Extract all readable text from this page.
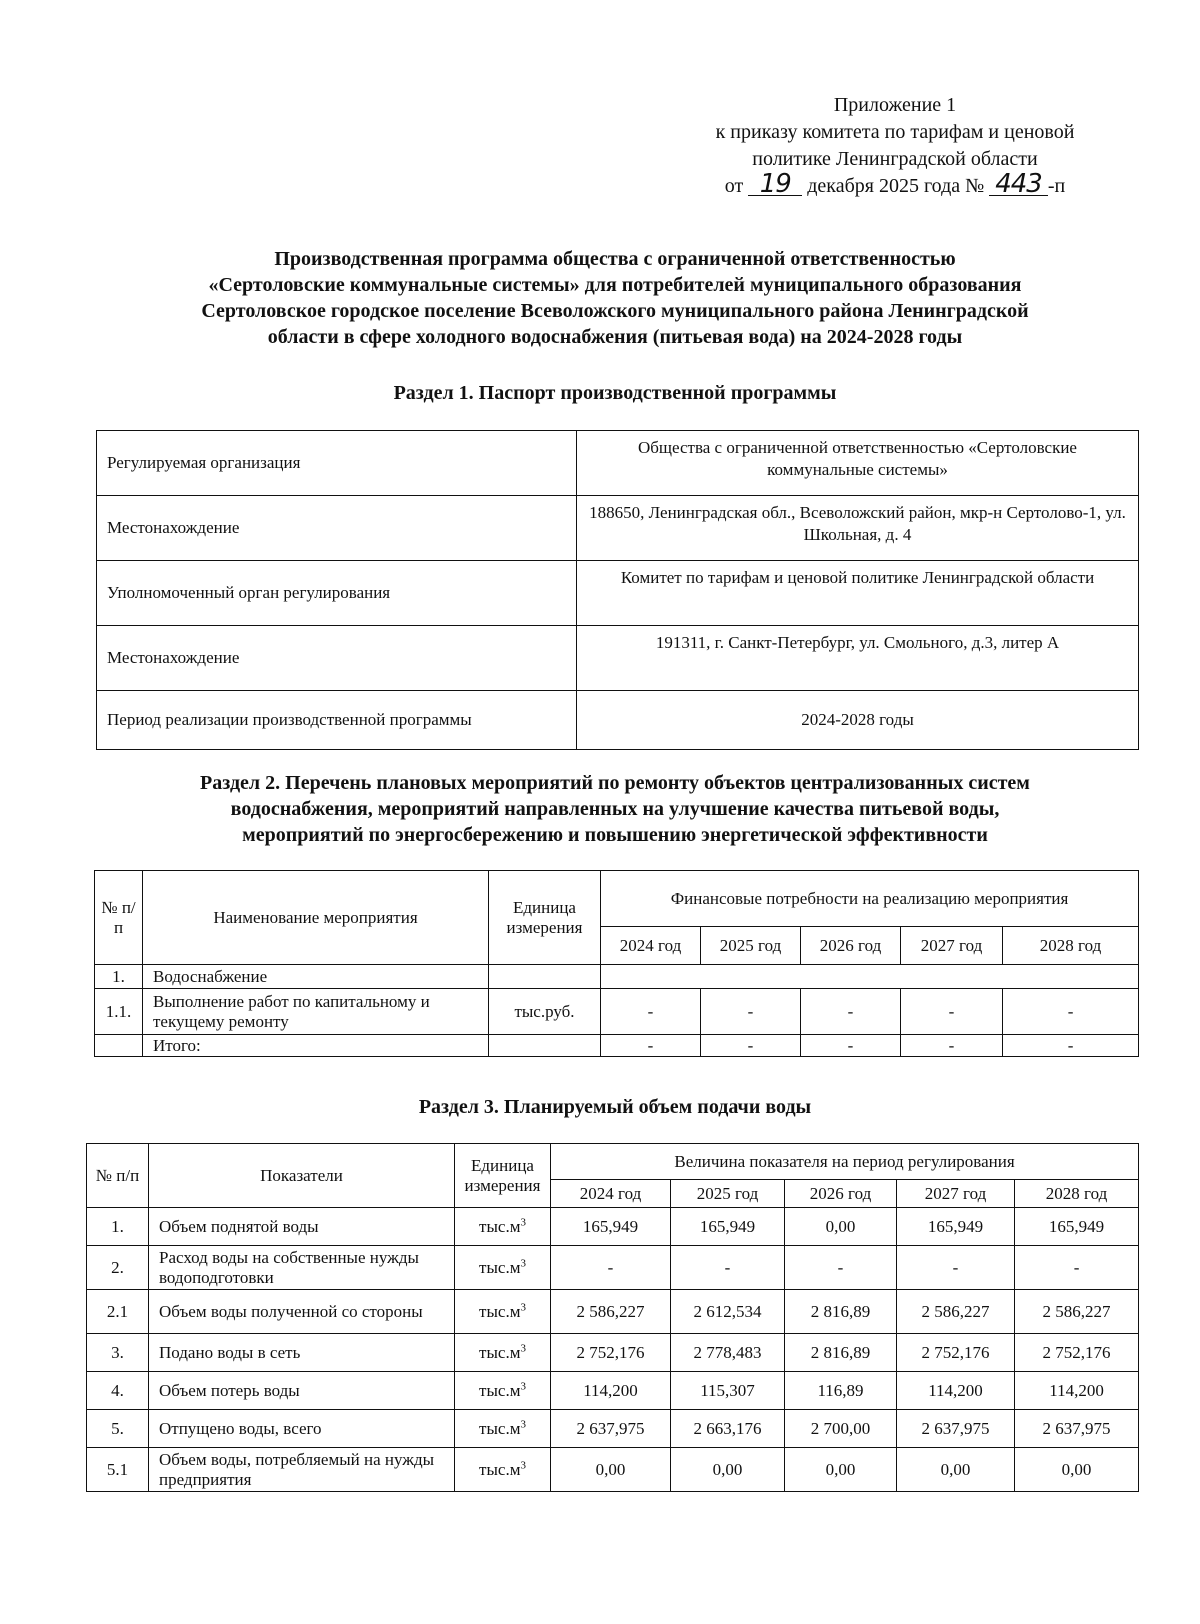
Приложение 1
к приказу комитета по тарифам и ценовой
политике Ленинградской области
от 19 декабря 2025 года № 443 -п
Производственная программа общества с ограниченной ответственностью
«Сертоловские коммунальные системы» для потребителей муниципального образования
Сертоловское городское поселение Всеволожского муниципального района Ленинградской
области в сфере холодного водоснабжения (питьевая вода) на 2024-2028 годы
Раздел 1. Паспорт производственной программы
Регулируемая организация	Общества с ограниченной ответственностью «Сертоловские коммунальные системы»
Местонахождение	188650, Ленинградская обл., Всеволожский район, мкр-н Сертолово-1, ул. Школьная, д. 4
Уполномоченный орган регулирования	Комитет по тарифам и ценовой политике Ленинградской области
Местонахождение	191311, г. Санкт-Петербург, ул. Смольного, д.3, литер А
Период реализации производственной программы	2024-2028 годы
Раздел 2. Перечень плановых мероприятий по ремонту объектов централизованных систем
водоснабжения, мероприятий направленных на улучшение качества питьевой воды,
мероприятий по энергосбережению и повышению энергетической эффективности
№ п/п	Наименование мероприятия	Единица измерения	Финансовые потребности на реализацию мероприятия				
			2024 год	2025 год	2026 год	2027 год	2028 год
1.	Водоснабжение						
1.1.	Выполнение работ по капитальному и текущему ремонту	тыс.руб.	-	-	-	-	-
	Итого:		-	-	-	-	-
Раздел 3. Планируемый объем подачи воды
№ п/п	Показатели	Единица измерения	Величина показателя на период регулирования				
			2024 год	2025 год	2026 год	2027 год	2028 год
1.	Объем поднятой воды	$тыс.м^3$	165,949	165,949	0,00	165,949	165,949
2.	Расход воды на собственные нужды водоподготовки	$тыс.м^3$	-	-	-	-	-
2.1	Объем воды полученной со стороны	$тыс.м^3$	2 586,227	2 612,534	2 816,89	2 586,227	2 586,227
3.	Подано воды в сеть	$тыс.м^3$	2 752,176	2 778,483	2 816,89	2 752,176	2 752,176
4.	Объем потерь воды	$тыс.м^3$	114,200	115,307	116,89	114,200	114,200
5.	Отпущено воды, всего	$тыс.м^3$	2 637,975	2 663,176	2 700,00	2 637,975	2 637,975
5.1	Объем воды, потребляемый на нужды предприятия	$тыс.м^3$	0,00	0,00	0,00	0,00	0,00
